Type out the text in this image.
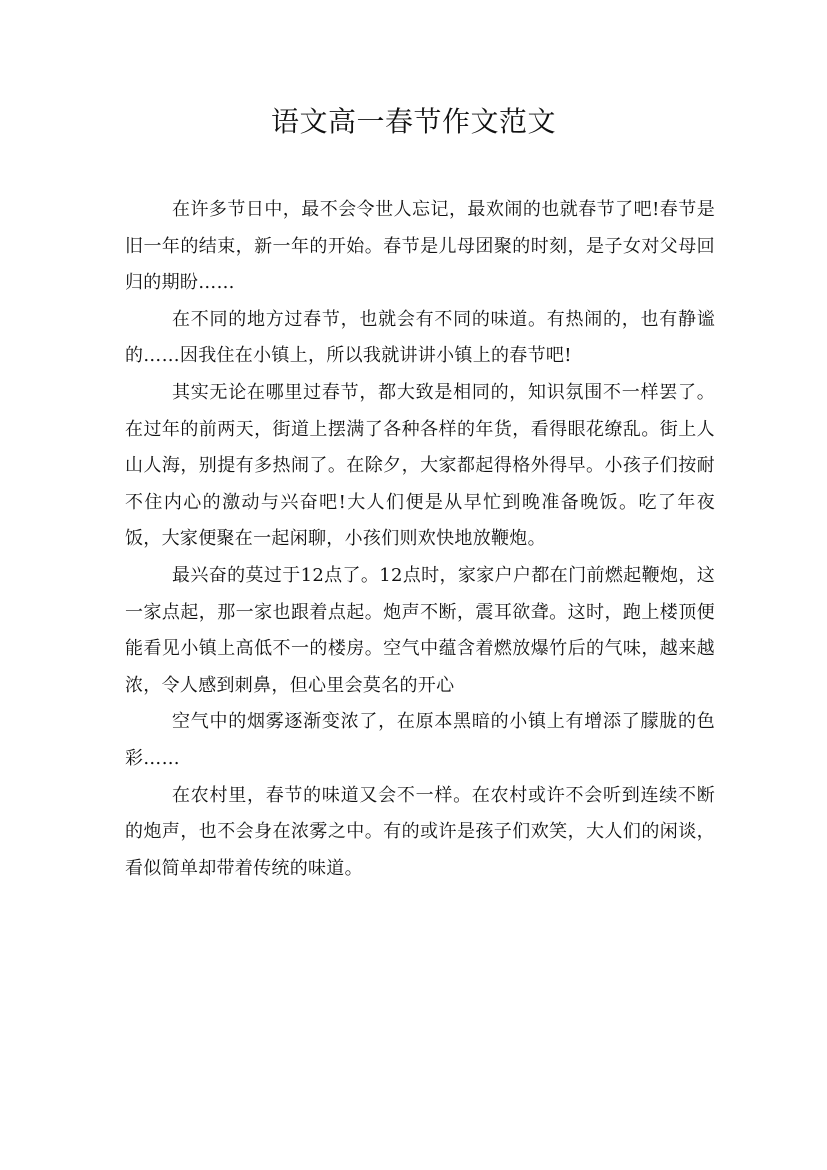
语文高一春节作文范文

在许多节日中，最不会令世人忘记，最欢闹的也就春节了吧!春节是旧一年的结束，新一年的开始。春节是儿母团聚的时刻，是子女对父母回归的期盼……

在不同的地方过春节，也就会有不同的味道。有热闹的，也有静谧的……因我住在小镇上，所以我就讲讲小镇上的春节吧!

其实无论在哪里过春节，都大致是相同的，知识氛围不一样罢了。在过年的前两天，街道上摆满了各种各样的年货，看得眼花缭乱。街上人山人海，别提有多热闹了。在除夕，大家都起得格外得早。小孩子们按耐不住内心的激动与兴奋吧!大人们便是从早忙到晚准备晚饭。吃了年夜饭，大家便聚在一起闲聊，小孩们则欢快地放鞭炮。

最兴奋的莫过于12点了。12点时，家家户户都在门前燃起鞭炮，这一家点起，那一家也跟着点起。炮声不断，震耳欲聋。这时，跑上楼顶便能看见小镇上高低不一的楼房。空气中蕴含着燃放爆竹后的气味，越来越浓，令人感到刺鼻，但心里会莫名的开心

空气中的烟雾逐渐变浓了，在原本黑暗的小镇上有增添了朦胧的色彩……

在农村里，春节的味道又会不一样。在农村或许不会听到连续不断的炮声，也不会身在浓雾之中。有的或许是孩子们欢笑，大人们的闲谈，看似简单却带着传统的味道。
